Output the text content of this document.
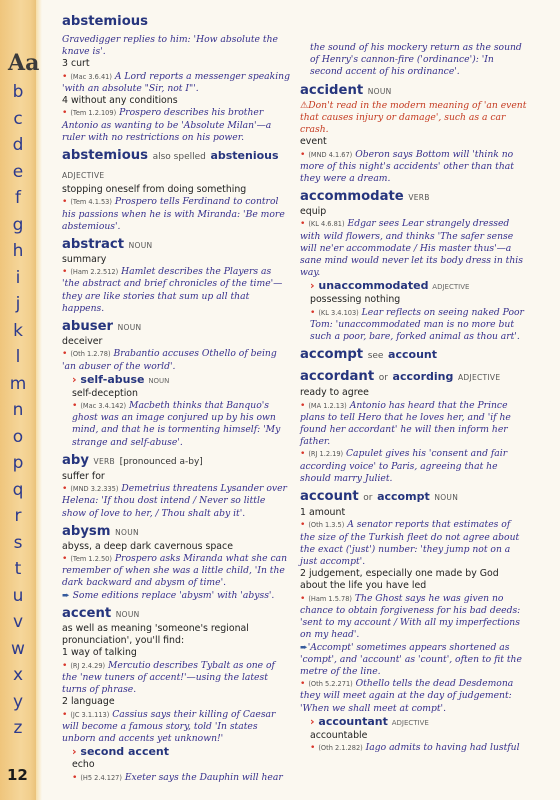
Aa
b
c
d
e
f
g
h
i
j
k
l
m
n
o
p
q
r
s
t
u
v
w
x
y
z
12
abstemious
Gravedigger replies to him: 'How absolute the knave is'.
3 curt
• (Mac 3.6.41) A Lord reports a messenger speaking 'with an absolute "Sir, not I"'.
4 without any conditions
• (Tem 1.2.109) Prospero describes his brother Antonio as wanting to be 'Absolute Milan'—a ruler with no restrictions on his power.
abstemious also spelled abstenious ADJECTIVE
stopping oneself from doing something
• (Tem 4.1.53) Prospero tells Ferdinand to control his passions when he is with Miranda: 'Be more abstemious'.
abstract NOUN
summary
• (Ham 2.2.512) Hamlet describes the Players as 'the abstract and brief chronicles of the time'—they are like stories that sum up all that happens.
abuser NOUN
deceiver
• (Oth 1.2.78) Brabantio accuses Othello of being 'an abuser of the world'.
› self-abuse NOUN
self-deception
• (Mac 3.4.142) Macbeth thinks that Banquo's ghost was an image conjured up by his own mind, and that he is tormenting himself: 'My strange and self-abuse'.
aby VERB [pronounced a-by]
suffer for
• (MND 3.2.335) Demetrius threatens Lysander over Helena: 'If thou dost intend / Never so little show of love to her, / Thou shalt aby it'.
abysm NOUN
abyss, a deep dark cavernous space
• (Tem 1.2.50) Prospero asks Miranda what she can remember of when she was a little child, 'In the dark backward and abysm of time'.
➨ Some editions replace 'abysm' with 'abyss'.
accent NOUN
as well as meaning 'someone's regional pronunciation', you'll find:
1 way of talking
• (RJ 2.4.29) Mercutio describes Tybalt as one of the 'new tuners of accent!'—using the latest turns of phrase.
2 language
• (JC 3.1.113) Cassius says their killing of Caesar will become a famous story, told 'In states unborn and accents yet unknown!'
› second accent
echo
• (H5 2.4.127) Exeter says the Dauphin will hear
the sound of his mockery return as the sound of Henry's cannon-fire ('ordinance'): 'In second accent of his ordinance'.
accident NOUN
⚠Don't read in the modern meaning of 'an event that causes injury or damage', such as a car crash.
event
• (MND 4.1.67) Oberon says Bottom will 'think no more of this night's accidents' other than that they were a dream.
accommodate VERB
equip
• (KL 4.6.81) Edgar sees Lear strangely dressed with wild flowers, and thinks 'The safer sense will ne'er accommodate / His master thus'—a sane mind would never let its body dress in this way.
› unaccommodated ADJECTIVE
possessing nothing
• (KL 3.4.103) Lear reflects on seeing naked Poor Tom: 'unaccommodated man is no more but such a poor, bare, forked animal as thou art'.
accompt see account
accordant or according ADJECTIVE
ready to agree
• (MA 1.2.13) Antonio has heard that the Prince plans to tell Hero that he loves her, and 'if he found her accordant' he will then inform her father.
• (RJ 1.2.19) Capulet gives his 'consent and fair according voice' to Paris, agreeing that he should marry Juliet.
account or accompt NOUN
1 amount
• (Oth 1.3.5) A senator reports that estimates of the size of the Turkish fleet do not agree about the exact ('just') number: 'they jump not on a just accompt'.
2 judgement, especially one made by God about the life you have led
• (Ham 1.5.78) The Ghost says he was given no chance to obtain forgiveness for his bad deeds: 'sent to my account / With all my imperfections on my head'.
➨'Accompt' sometimes appears shortened as 'compt', and 'account' as 'count', often to fit the metre of the line.
• (Oth 5.2.271) Othello tells the dead Desdemona they will meet again at the day of judgement: 'When we shall meet at compt'.
› accountant ADJECTIVE
accountable
• (Oth 2.1.282) Iago admits to having had lustful
